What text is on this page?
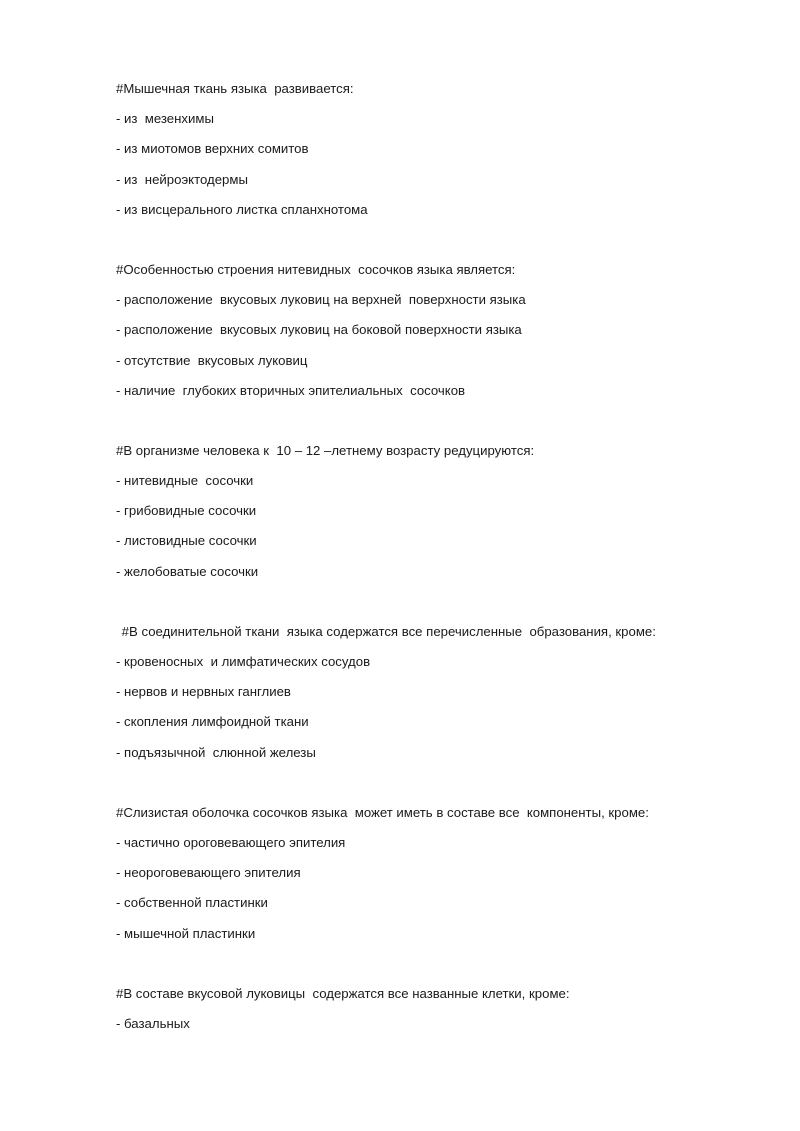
#Мышечная ткань языка  развивается:
- из  мезенхимы
- из миотомов верхних сомитов
- из  нейроэктодермы
- из висцерального листка спланхнотома
#Особенностью строения нитевидных  сосочков языка является:
- расположение  вкусовых луковиц на верхней  поверхности языка
- расположение  вкусовых луковиц на боковой поверхности языка
- отсутствие  вкусовых луковиц
- наличие  глубоких вторичных эпителиальных  сосочков
#В организме человека к  10 – 12 –летнему возрасту редуцируются:
- нитевидные  сосочки
- грибовидные сосочки
- листовидные сосочки
- желобоватые сосочки
#В соединительной ткани  языка содержатся все перечисленные  образования, кроме:
- кровеносных  и лимфатических сосудов
- нервов и нервных ганглиев
- скопления лимфоидной ткани
- подъязычной  слюнной железы
#Слизистая оболочка сосочков языка  может иметь в составе все  компоненты, кроме:
- частично ороговевающего эпителия
- неороговевающего эпителия
- собственной пластинки
- мышечной пластинки
#В составе вкусовой луковицы  содержатся все названные клетки, кроме:
- базальных
